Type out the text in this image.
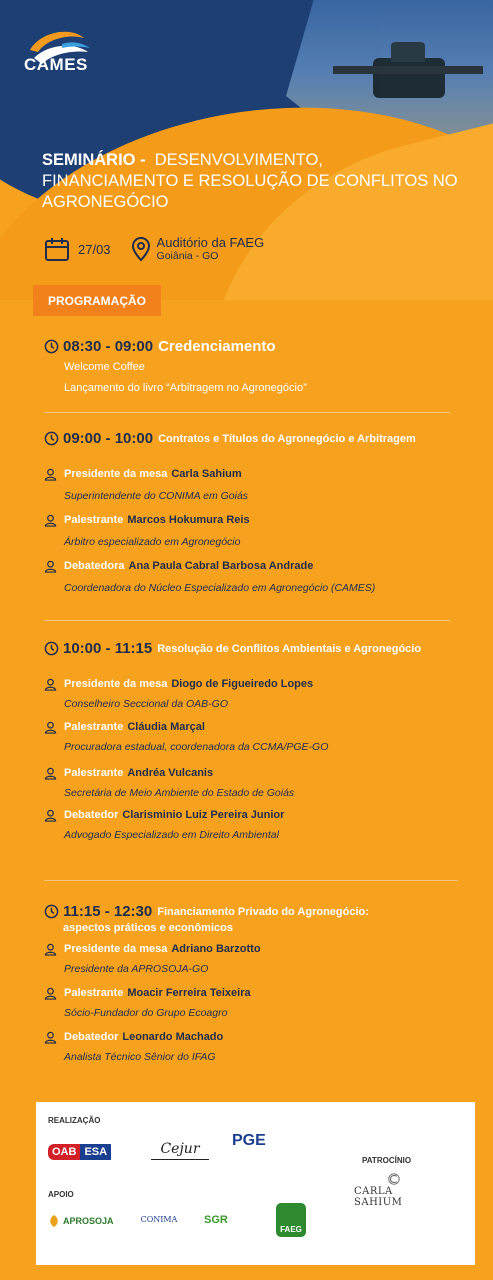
CAMES
SEMINÁRIO - DESENVOLVIMENTO, FINANCIAMENTO E RESOLUÇÃO DE CONFLITOS NO AGRONEGÓCIO
27/03	Auditório da FAEG
Goiânia - GO
PROGRAMAÇÃO
08:30 - 09:00 Credenciamento
Welcome Coffee
Lançamento do livro “Arbitragem no Agronegócio”
09:00 - 10:00 Contratos e Títulos do Agronegócio e Arbitragem
Presidente da mesa Carla Sahium
Superintendente do CONIMA em Goiás
Palestrante Marcos Hokumura Reis
Árbitro especializado em Agronegócio
Debatedora Ana Paula Cabral Barbosa Andrade
Coordenadora do Núcleo Especializado em Agronegócio (CAMES)
10:00 - 11:15 Resolução de Conflitos Ambientais e Agronegócio
Presidente da mesa Diogo de Figueiredo Lopes
Conselheiro Seccional da OAB-GO
Palestrante Cláudia Marçal
Procuradora estadual, coordenadora da CCMA/PGE-GO
Palestrante Andréa Vulcanis
Secretária de Meio Ambiente do Estado de Goiás
Debatedor Clarisminio Luiz Pereira Junior
Advogado Especializado em Direito Ambiental
11:15 - 12:30 Financiamento Privado do Agronegócio:
aspectos práticos e econômicos
Presidente da mesa Adriano Barzotto
Presidente da APROSOJA-GO
Palestrante Moacir Ferreira Teixeira
Sócio-Fundador do Grupo Ecoagro
Debatedor Leonardo Machado
Analista Técnico Sênior do IFAG
REALIZAÇÃO
OAB ESA	Cejur PGE
APOIO
APROSOJA	CONIMA SGR
FAEG
PATROCÍNIO
CARLA SAHIUM
